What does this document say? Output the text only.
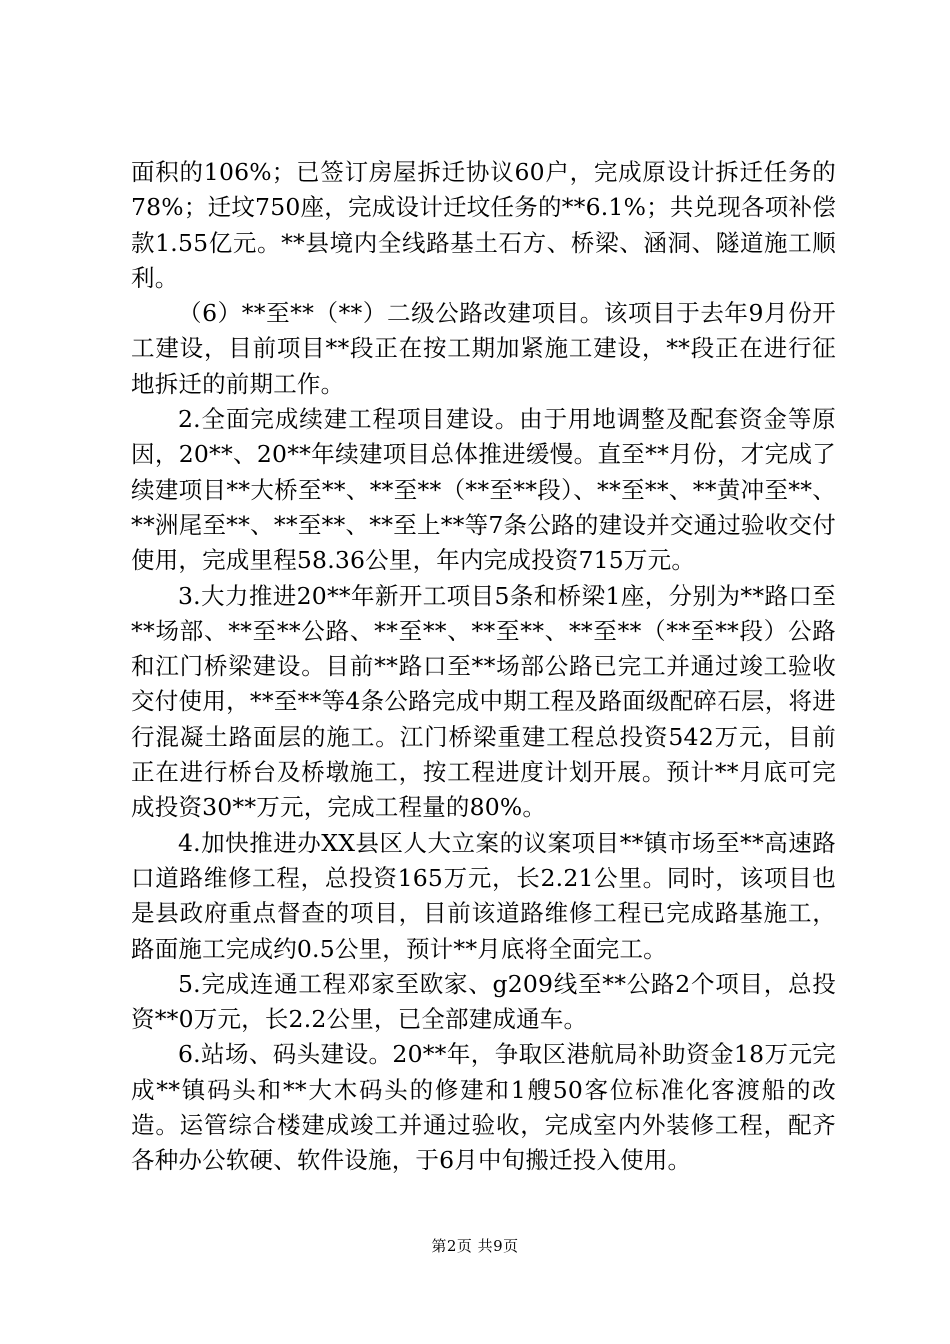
面积的106%；已签订房屋拆迁协议60户，完成原设计拆迁任务的78%；迁坟750座，完成设计迁坟任务的**6.1%；共兑现各项补偿款1.55亿元。**县境内全线路基土石方、桥梁、涵洞、隧道施工顺利。

（6）**至**（**）二级公路改建项目。该项目于去年9月份开工建设，目前项目**段正在按工期加紧施工建设，**段正在进行征地拆迁的前期工作。

2.全面完成续建工程项目建设。由于用地调整及配套资金等原因，20**、20**年续建项目总体推进缓慢。直至**月份，才完成了续建项目**大桥至**、**至**（**至**段）、**至**、**黄冲至**、**洲尾至**、**至**、**至上**等7条公路的建设并交通过验收交付使用，完成里程58.36公里，年内完成投资715万元。

3.大力推进20**年新开工项目5条和桥梁1座，分别为**路口至**场部、**至**公路、**至**、**至**、**至**（**至**段）公路和江门桥梁建设。目前**路口至**场部公路已完工并通过竣工验收交付使用，**至**等4条公路完成中期工程及路面级配碎石层，将进行混凝土路面层的施工。江门桥梁重建工程总投资542万元，目前正在进行桥台及桥墩施工，按工程进度计划开展。预计**月底可完成投资30**万元，完成工程量的80%。

4.加快推进办XX县区人大立案的议案项目**镇市场至**高速路口道路维修工程，总投资165万元，长2.21公里。同时，该项目也是县政府重点督查的项目，目前该道路维修工程已完成路基施工，路面施工完成约0.5公里，预计**月底将全面完工。

5.完成连通工程邓家至欧家、g209线至**公路2个项目，总投资**0万元，长2.2公里，已全部建成通车。

6.站场、码头建设。20**年，争取区港航局补助资金18万元完成**镇码头和**大木码头的修建和1艘50客位标准化客渡船的改造。运管综合楼建成竣工并通过验收，完成室内外装修工程，配齐各种办公软硬、软件设施，于6月中旬搬迁投入使用。

第2页 共9页
